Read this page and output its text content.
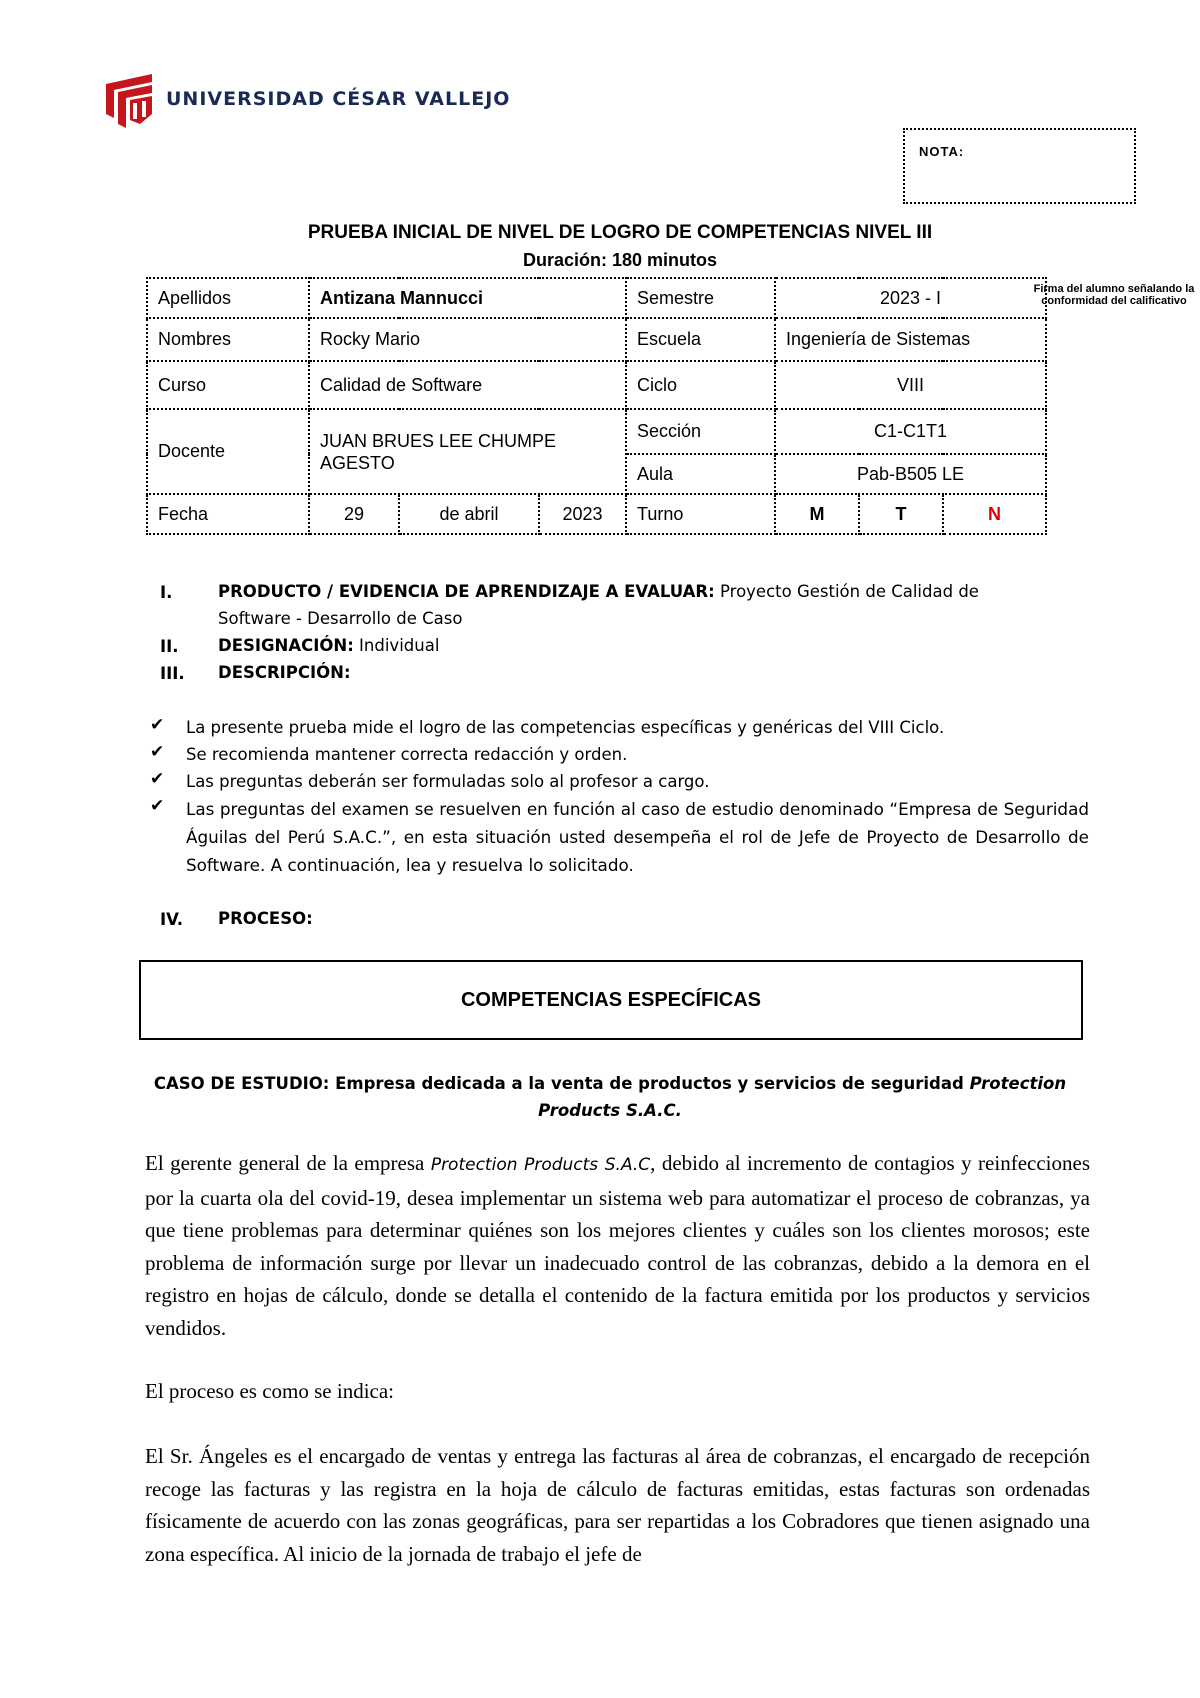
UNIVERSIDAD CÉSAR VALLEJO
NOTA:
Firma del alumno señalando la conformidad del calificativo
PRUEBA INICIAL DE NIVEL DE LOGRO DE COMPETENCIAS NIVEL III
Duración: 180 minutos
Apellidos	Antizana Mannucci			Semestre	2023 - I		
Nombres	Rocky Mario			Escuela	Ingeniería de Sistemas		
Curso	Calidad de Software			Ciclo	VIII		
Docente	JUAN BRUES LEE CHUMPE AGESTO			Sección	C1-C1T1		
				Aula	Pab-B505 LE		
Fecha	29	de abril	2023	Turno	M	T	N
I.	PRODUCTO / EVIDENCIA DE APRENDIZAJE A EVALUAR: Proyecto Gestión de Calidad de
Software - Desarrollo de Caso
II. DESIGNACIÓN: Individual
III. DESCRIPCIÓN:
✔ La presente prueba mide el logro de las competencias específicas y genéricas del VIII Ciclo.
✔ Se recomienda mantener correcta redacción y orden.
✔ Las preguntas deberán ser formuladas solo al profesor a cargo.
✔ Las preguntas del examen se resuelven en función al caso de estudio denominado “Empresa de Seguridad Águilas del Perú S.A.C.”, en esta situación usted desempeña el rol de Jefe de Proyecto de Desarrollo de Software. A continuación, lea y resuelva lo solicitado.
IV. PROCESO:
COMPETENCIAS ESPECÍFICAS
CASO DE ESTUDIO: Empresa dedicada a la venta de productos y servicios de seguridad Protection Products S.A.C.
El gerente general de la empresa Protection Products S.A.C, debido al incremento de contagios y reinfecciones por la cuarta ola del covid-19, desea implementar un sistema web para automatizar el proceso de cobranzas, ya que tiene problemas para determinar quiénes son los mejores clientes y cuáles son los clientes morosos; este problema de información surge por llevar un inadecuado control de las cobranzas, debido a la demora en el registro en hojas de cálculo, donde se detalla el contenido de la factura emitida por los productos y servicios vendidos.
El proceso es como se indica:
El Sr. Ángeles es el encargado de ventas y entrega las facturas al área de cobranzas, el encargado de recepción recoge las facturas y las registra en la hoja de cálculo de facturas emitidas, estas facturas son ordenadas físicamente de acuerdo con las zonas geográficas, para ser repartidas a los Cobradores que tienen asignado una zona específica. Al inicio de la jornada de trabajo el jefe de
